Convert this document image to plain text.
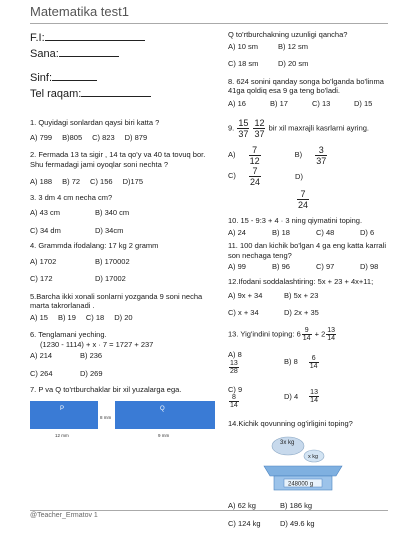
Matematika test1

F.I:

Sana:

Sinf:

Tel raqam:

1. Quyidagi sonlardan qaysi biri katta ?

A) 799 B)805 C) 823 D) 879

2. Fermada 13 ta sigir , 14 ta qo'y va 40 ta tovuq bor. Shu fermadagi jami oyoqlar soni nechta ?

A) 188 B) 72 C) 156 D)175

3. 3 dm 4 cm necha cm?

A) 43 cm	B) 340 cm
C) 34 dm	D) 34cm

4. Grammda ifodalang: 17 kg 2 gramm

A) 1702	B) 170002
C) 172	D) 17002

5.Barcha ikki xonali sonlarni yozganda 9 soni necha marta takrorlanadi .

A) 15 B) 19 C) 18 D) 20

6. Tenglamani yeching.

(1230 - 1114) + x · 7 = 1727 + 237

A) 214	B) 236
C) 264	D) 269

7. P va Q to'rtburchaklar bir xil yuzalarga ega.

P
8 mm
12 mm
Q
9 mm

Q to'rtburchakning uzunligi qancha?

A) 10 sm	B) 12 sm
C) 18 sm	D) 20 sm

8. 624 sonini qanday songa bo'lganda bo'linma 41ga qoldiq esa 9 ga teng bo'ladi.

A) 16	B) 17	C) 13	D) 15

9. $\frac{15}{37}$
$\frac{12}{37}$ bir xil maxrajli kasrlarni ayring.

$A) \frac{7}{12}$	$B) \frac{3}{37}$
$C) \frac{7}{24}$	D)
$\frac{7}{24}$

10. 15 - 9:3 + 4 · 3 ning qiymatini toping.

A) 24	B) 18	C) 48	D) 6

11. 100 dan kichik bo'lgan 4 ga eng katta karrali son nechaga teng?

A) 99	B) 96	C) 97	D) 98

12.Ifodani soddalashtiring: 5x + 23 + 4x+11;

A) 9x + 34	B) 5x + 23
C) x + 34	D) 2x + 35

13. Yig'indini toping: $6 \frac{9}{14} + 2 \frac{13}{14}$

A) 8
$\frac{13}{28}$	B) $8 \frac{6}{14}$
C) 9
$\frac{8}{14}$	D) $4 \frac{13}{14}$

14.Kichik qovunning og'irligini toping?

3x kg
x kg
248000 g
A) 62 kg	B) 186 kg
C) 124 kg	D) 49.6 kg
@Teacher_Ermatov 1
